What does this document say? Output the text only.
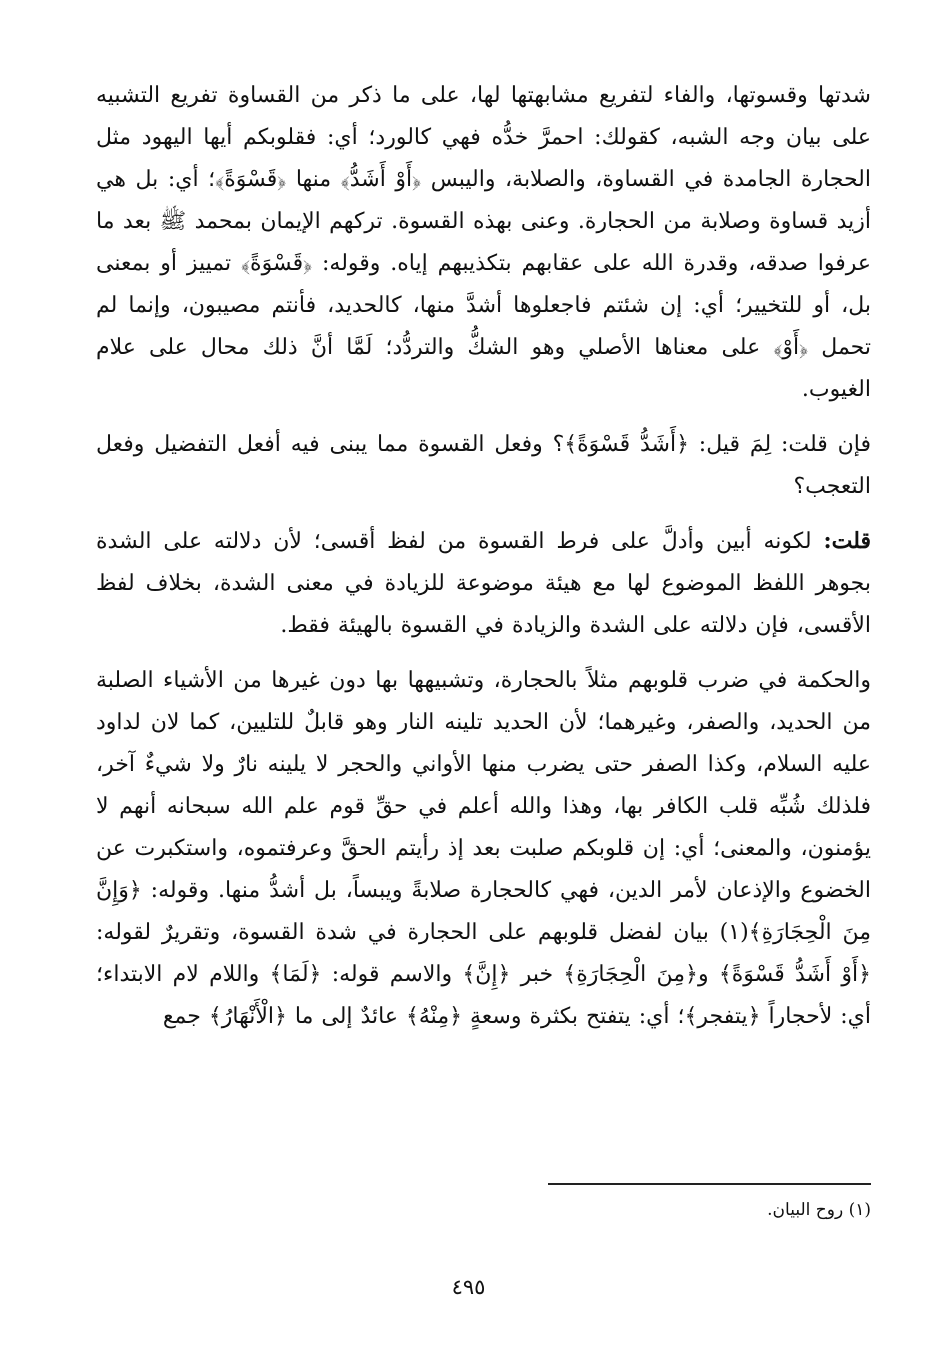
شدتها وقسوتها، والفاء لتفريع مشابهتها لها، على ما ذكر من القساوة تفريع التشبيه على بيان وجه الشبه، كقولك: احمرَّ خدُّه فهي كالورد؛ أي: فقلوبكم أيها اليهود مثل الحجارة الجامدة في القساوة، والصلابة، واليبس ﴿أَوْ أَشَدُّ﴾ منها ﴿قَسْوَةً﴾؛ أي: بل هي أزيد قساوة وصلابة من الحجارة. وعنى بهذه القسوة. تركهم الإيمان بمحمد ﷺ بعد ما عرفوا صدقه، وقدرة الله على عقابهم بتكذيبهم إياه. وقوله: ﴿قَسْوَةً﴾ تمييز أو بمعنى بل، أو للتخيير؛ أي: إن شئتم فاجعلوها أشدَّ منها، كالحديد، فأنتم مصيبون، وإنما لم تحمل ﴿أَوْ﴾ على معناها الأصلي وهو الشكُّ والتردُّد؛ لَمَّا أنَّ ذلك محال على علام الغيوب.

فإن قلت: لِمَ قيل: ﴿أَشَدُّ قَسْوَةً﴾؟ وفعل القسوة مما يبنى فيه أفعل التفضيل وفعل التعجب؟

قلت: لكونه أبين وأدلَّ على فرط القسوة من لفظ أقسى؛ لأن دلالته على الشدة بجوهر اللفظ الموضوع لها مع هيئة موضوعة للزيادة في معنى الشدة، بخلاف لفظ الأقسى، فإن دلالته على الشدة والزيادة في القسوة بالهيئة فقط.

والحكمة في ضرب قلوبهم مثلاً بالحجارة، وتشبيهها بها دون غيرها من الأشياء الصلبة من الحديد، والصفر، وغيرهما؛ لأن الحديد تلينه النار وهو قابلٌ للتليين، كما لان لداود عليه السلام، وكذا الصفر حتى يضرب منها الأواني والحجر لا يلينه نارٌ ولا شيءٌ آخر، فلذلك شُبِّه قلب الكافر بها، وهذا والله أعلم في حقِّ قوم علم الله سبحانه أنهم لا يؤمنون، والمعنى؛ أي: إن قلوبكم صلبت بعد إذ رأيتم الحقَّ وعرفتموه، واستكبرت عن الخضوع والإذعان لأمر الدين، فهي كالحجارة صلابةً ويبساً، بل أشدُّ منها. وقوله: ﴿وَإِنَّ مِنَ الْحِجَارَةِ﴾(١) بيان لفضل قلوبهم على الحجارة في شدة القسوة، وتقريرٌ لقوله: ﴿أَوْ أَشَدُّ قَسْوَةً﴾ و﴿مِنَ الْحِجَارَةِ﴾ خبر ﴿إِنَّ﴾ والاسم قوله: ﴿لَمَا﴾ واللام لام الابتداء؛ أي: لأحجاراً ﴿يتفجر﴾؛ أي: يتفتح بكثرة وسعةٍ ﴿مِنْهُ﴾ عائدٌ إلى ما ﴿الْأَنْهَارُ﴾ جمع

(١) روح البيان.
٤٩٥
